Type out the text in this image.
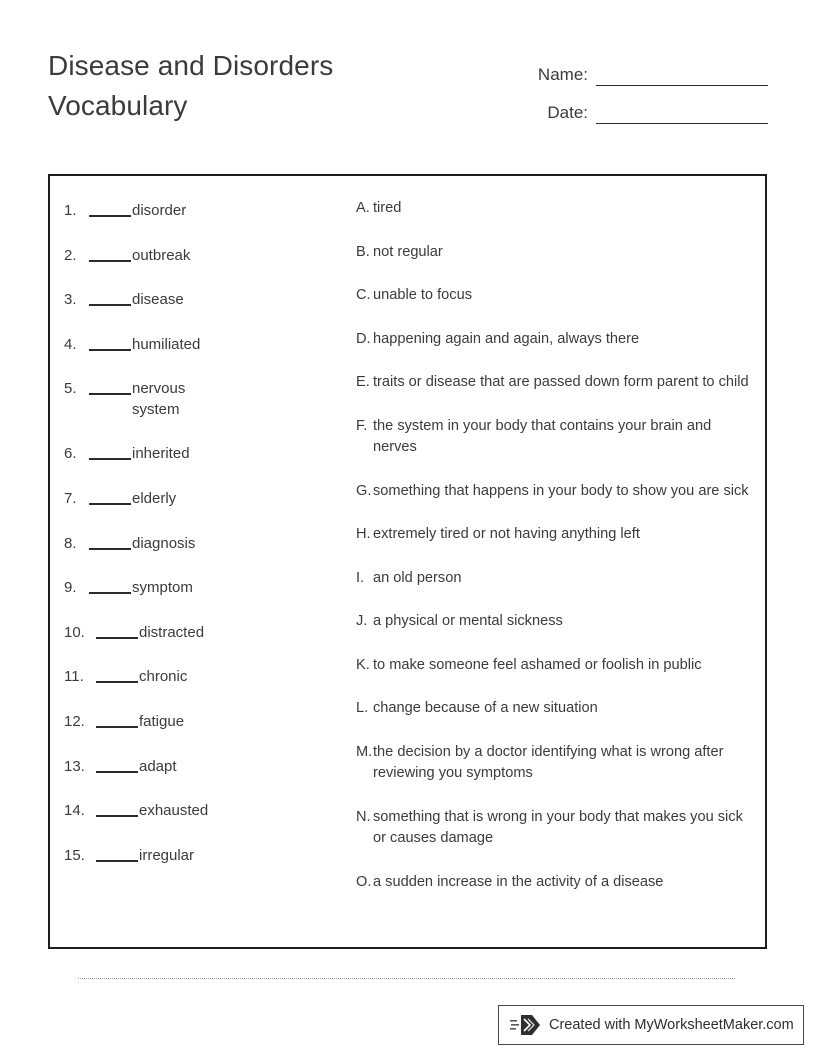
Disease and Disorders
Vocabulary
Name:
Date:
1.	disorder
2.	outbreak
3.	disease
4.	humiliated
5.	nervous system
6.	inherited
7.	elderly
8.	diagnosis
9.	symptom
10.	distracted
11.	chronic
12.	fatigue
13.	adapt
14.	exhausted
15.	irregular
A. tired
B. not regular
C. unable to focus
D. happening again and again, always there
E. traits or disease that are passed down form parent to child
F. the system in your body that contains your brain and nerves
G. something that happens in your body to show you are sick
H. extremely tired or not having anything left
I. an old person
J. a physical or mental sickness
K. to make someone feel ashamed or foolish in public
L. change because of a new situation
M. the decision by a doctor identifying what is wrong after reviewing you symptoms
N. something that is wrong in your body that makes you sick or causes damage
O. a sudden increase in the activity of a disease
Created with MyWorksheetMaker.com
